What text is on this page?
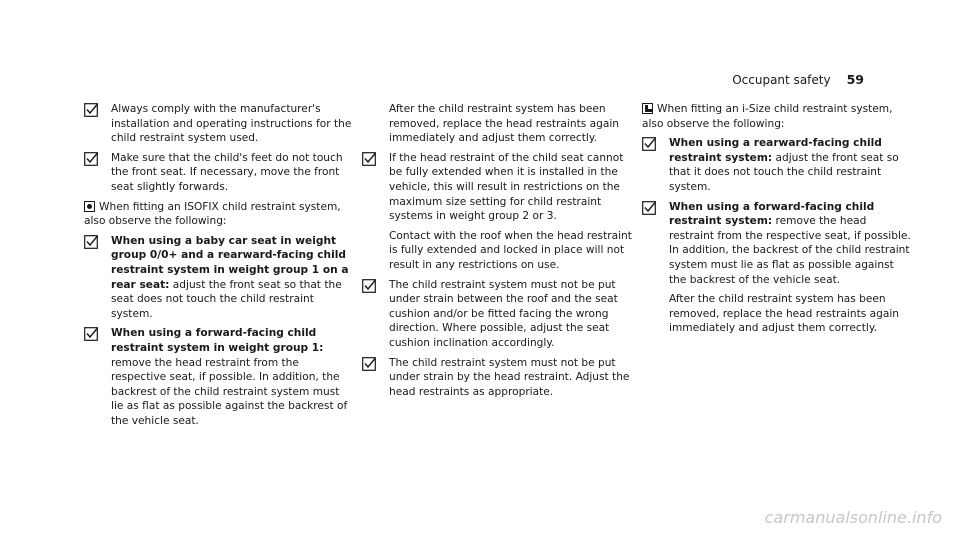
Occupant safety 59
Always comply with the manufacturer's installation and operating instructions for the child restraint system used.
Make sure that the child's feet do not touch the front seat. If necessary, move the front seat slightly forwards.
When fitting an ISOFIX child restraint system, also observe the following:
When using a baby car seat in weight group 0/0+ and a rearward-facing child restraint system in weight group 1 on a rear seat: adjust the front seat so that the seat does not touch the child restraint system.
When using a forward-facing child restraint system in weight group 1:
remove the head restraint from the respective seat, if possible. In addition, the backrest of the child restraint system must lie as flat as possible against the backrest of the vehicle seat.
After the child restraint system has been removed, replace the head restraints again immediately and adjust them correctly.
If the head restraint of the child seat cannot be fully extended when it is installed in the vehicle, this will result in restrictions on the maximum size setting for child restraint systems in weight group 2 or 3.
Contact with the roof when the head restraint is fully extended and locked in place will not result in any restrictions on use.
The child restraint system must not be put under strain between the roof and the seat cushion and/or be fitted facing the wrong direction. Where possible, adjust the seat cushion inclination accordingly.
The child restraint system must not be put under strain by the head restraint. Adjust the head restraints as appropriate.
When fitting an i-Size child restraint system, also observe the following:
When using a rearward-facing child restraint system: adjust the front seat so that it does not touch the child restraint system.
When using a forward-facing child restraint system: remove the head restraint from the respective seat, if possible. In addition, the backrest of the child restraint system must lie as flat as possible against the backrest of the vehicle seat.
After the child restraint system has been removed, replace the head restraints again immediately and adjust them correctly.
carmanualsonline.info
